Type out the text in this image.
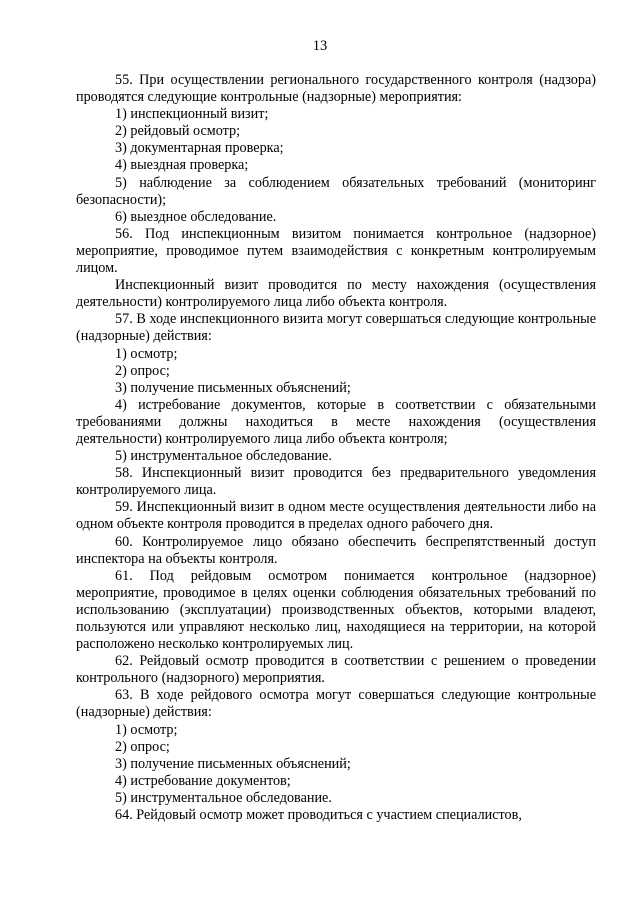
13

55. При осуществлении регионального государственного контроля (надзора) проводятся следующие контрольные (надзорные) мероприятия:

1) инспекционный визит;

2) рейдовый осмотр;

3) документарная проверка;

4) выездная проверка;

5) наблюдение за соблюдением обязательных требований (мониторинг безопасности);

6) выездное обследование.

56. Под инспекционным визитом понимается контрольное (надзорное) мероприятие, проводимое путем взаимодействия с конкретным контролируемым лицом.

Инспекционный визит проводится по месту нахождения (осуществления деятельности) контролируемого лица либо объекта контроля.

57. В ходе инспекционного визита могут совершаться следующие контрольные (надзорные) действия:

1) осмотр;

2) опрос;

3) получение письменных объяснений;

4) истребование документов, которые в соответствии с обязательными требованиями должны находиться в месте нахождения (осуществления деятельности) контролируемого лица либо объекта контроля;

5) инструментальное обследование.

58. Инспекционный визит проводится без предварительного уведомления контролируемого лица.

59. Инспекционный визит в одном месте осуществления деятельности либо на одном объекте контроля проводится в пределах одного рабочего дня.

60. Контролируемое лицо обязано обеспечить беспрепятственный доступ инспектора на объекты контроля.

61. Под рейдовым осмотром понимается контрольное (надзорное) мероприятие, проводимое в целях оценки соблюдения обязательных требований по использованию (эксплуатации) производственных объектов, которыми владеют, пользуются или управляют несколько лиц, находящиеся на территории, на которой расположено несколько контролируемых лиц.

62. Рейдовый осмотр проводится в соответствии с решением о проведении контрольного (надзорного) мероприятия.

63. В ходе рейдового осмотра могут совершаться следующие контрольные (надзорные) действия:

1) осмотр;

2) опрос;

3) получение письменных объяснений;

4) истребование документов;

5) инструментальное обследование.

64. Рейдовый осмотр может проводиться с участием специалистов,
